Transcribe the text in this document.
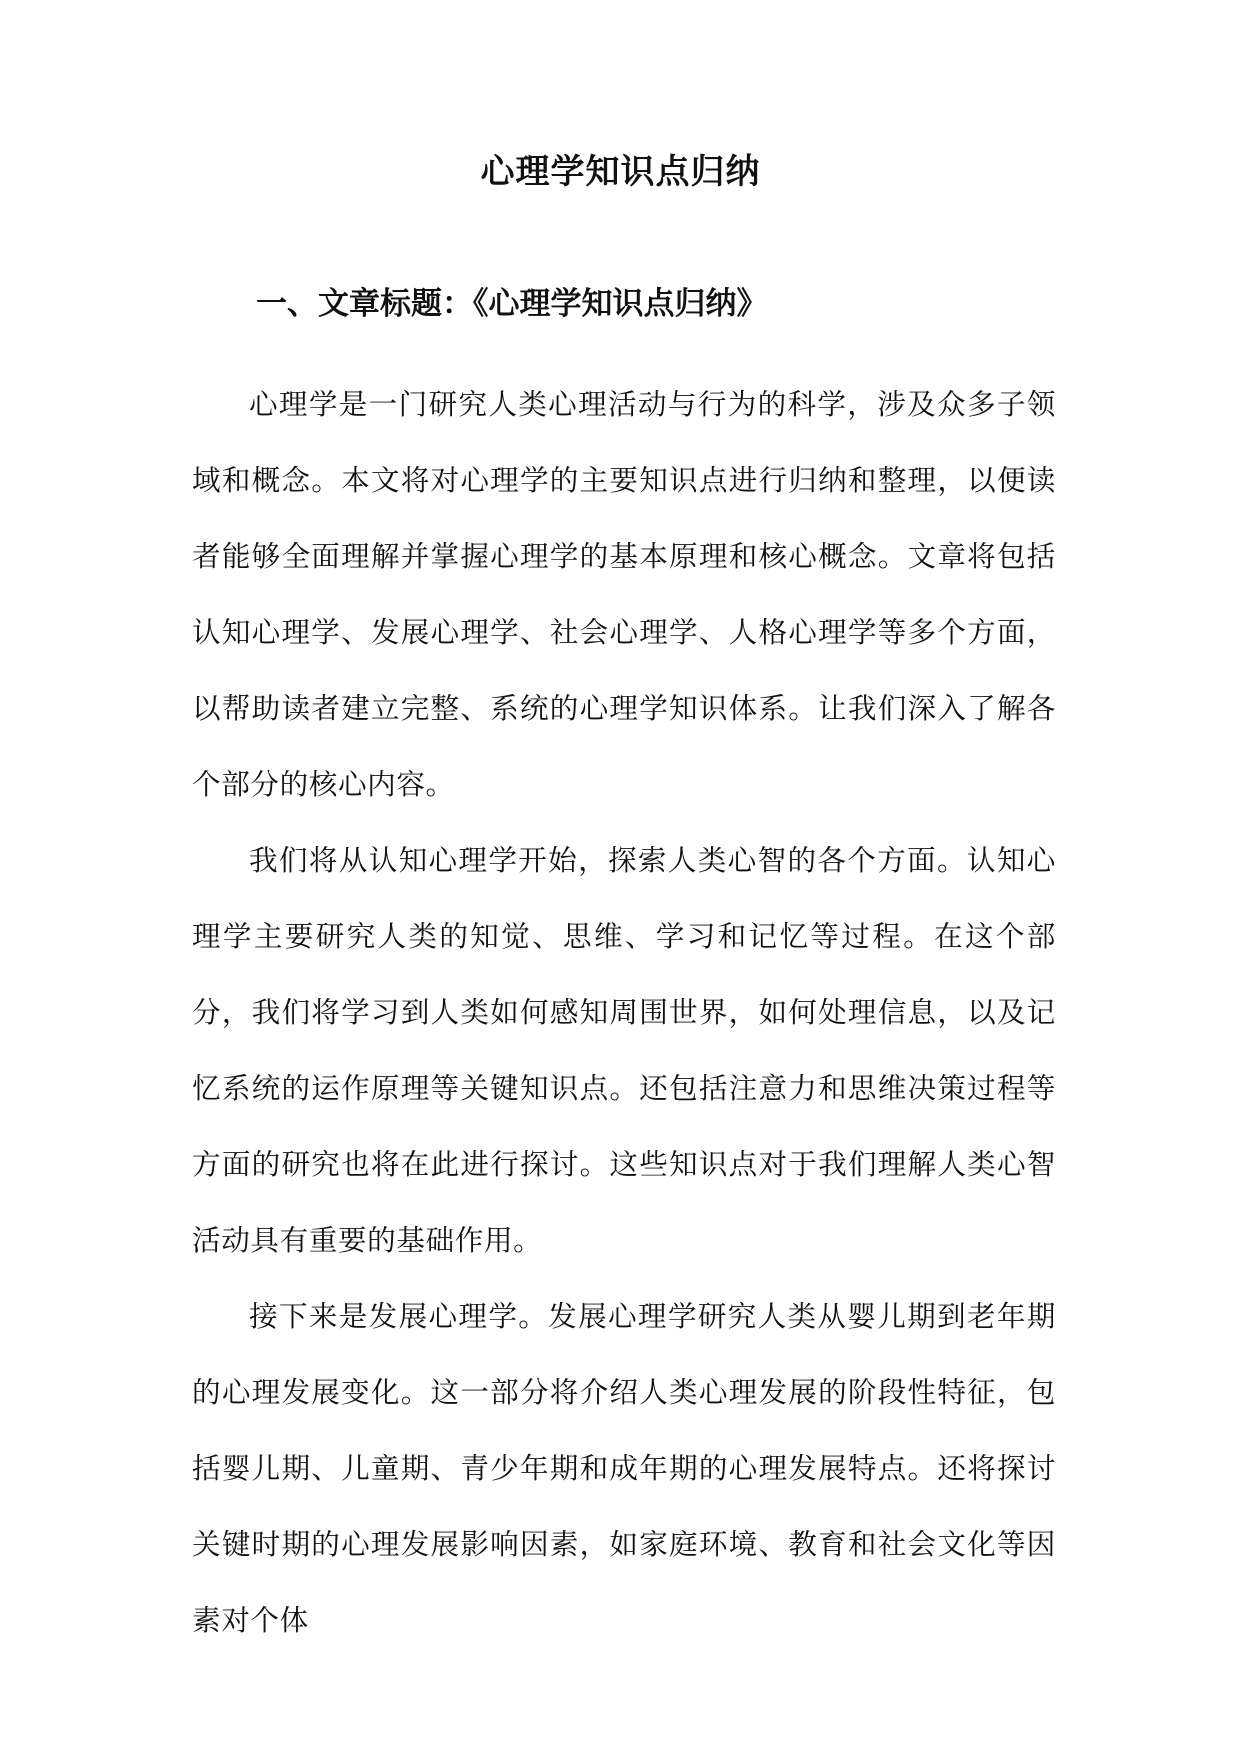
心理学知识点归纳
一、文章标题：《心理学知识点归纳》

心理学是一门研究人类心理活动与行为的科学，涉及众多子领域和概念。本文将对心理学的主要知识点进行归纳和整理，以便读者能够全面理解并掌握心理学的基本原理和核心概念。文章将包括认知心理学、发展心理学、社会心理学、人格心理学等多个方面，以帮助读者建立完整、系统的心理学知识体系。让我们深入了解各个部分的核心内容。

我们将从认知心理学开始，探索人类心智的各个方面。认知心理学主要研究人类的知觉、思维、学习和记忆等过程。在这个部分，我们将学习到人类如何感知周围世界，如何处理信息，以及记忆系统的运作原理等关键知识点。还包括注意力和思维决策过程等方面的研究也将在此进行探讨。这些知识点对于我们理解人类心智活动具有重要的基础作用。

接下来是发展心理学。发展心理学研究人类从婴儿期到老年期的心理发展变化。这一部分将介绍人类心理发展的阶段性特征，包括婴儿期、儿童期、青少年期和成年期的心理发展特点。还将探讨关键时期的心理发展影响因素，如家庭环境、教育和社会文化等因素对个体
